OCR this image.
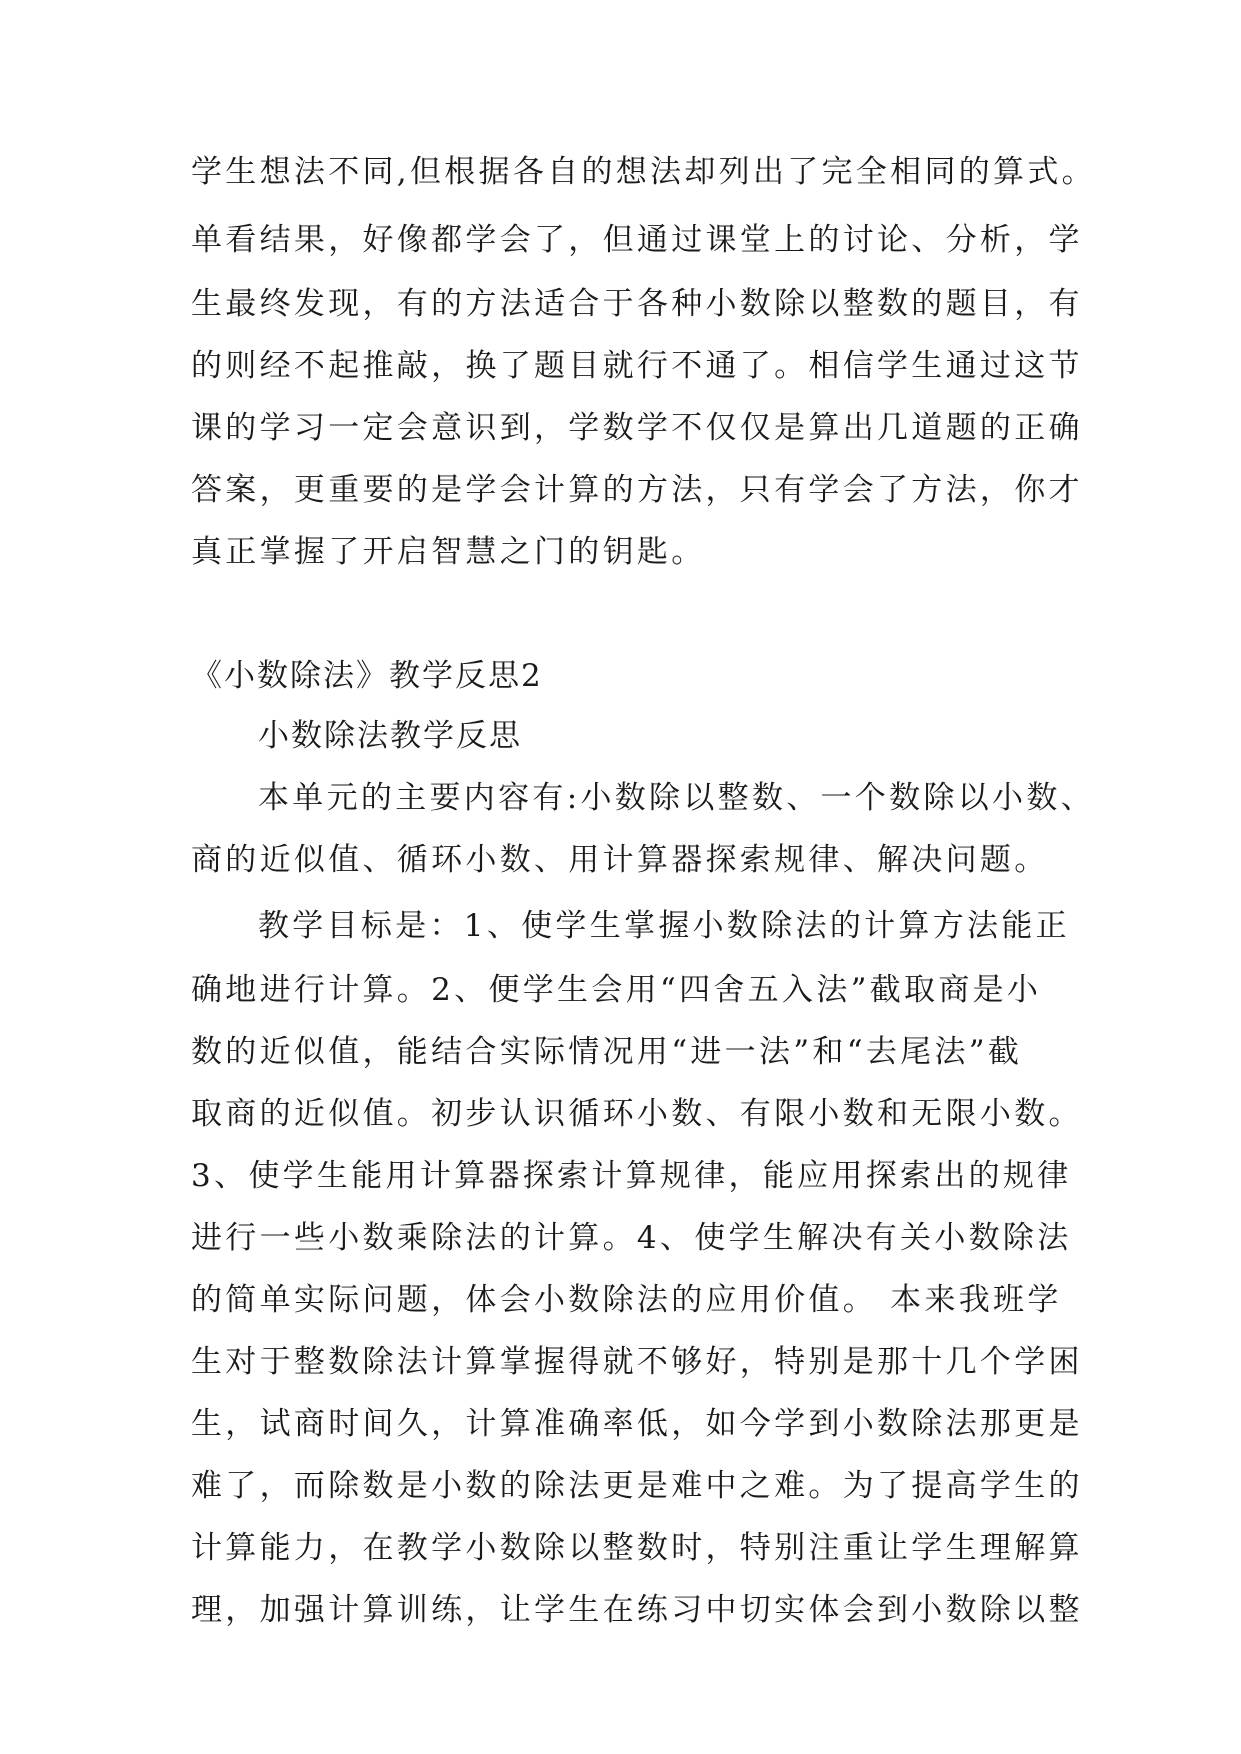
学生想法不同,但根据各自的想法却列出了完全相同的算式。
单看结果，好像都学会了，但通过课堂上的讨论、分析，学
生最终发现，有的方法适合于各种小数除以整数的题目，有
的则经不起推敲，换了题目就行不通了。相信学生通过这节
课的学习一定会意识到，学数学不仅仅是算出几道题的正确
答案，更重要的是学会计算的方法，只有学会了方法，你才
真正掌握了开启智慧之门的钥匙。
《小数除法》教学反思2
小数除法教学反思
本单元的主要内容有:小数除以整数、一个数除以小数、
商的近似值、循环小数、用计算器探索规律、解决问题。
教学目标是：1、使学生掌握小数除法的计算方法能正
确地进行计算。2、便学生会用“四舍五入法”截取商是小
数的近似值，能结合实际情况用“进一法”和“去尾法”截
取商的近似值。初步认识循环小数、有限小数和无限小数。
3、使学生能用计算器探索计算规律，能应用探索出的规律
进行一些小数乘除法的计算。4、使学生解决有关小数除法
的简单实际问题，体会小数除法的应用价值。 本来我班学
生对于整数除法计算掌握得就不够好，特别是那十几个学困
生，试商时间久，计算准确率低，如今学到小数除法那更是
难了，而除数是小数的除法更是难中之难。为了提高学生的
计算能力，在教学小数除以整数时，特别注重让学生理解算
理，加强计算训练，让学生在练习中切实体会到小数除以整
